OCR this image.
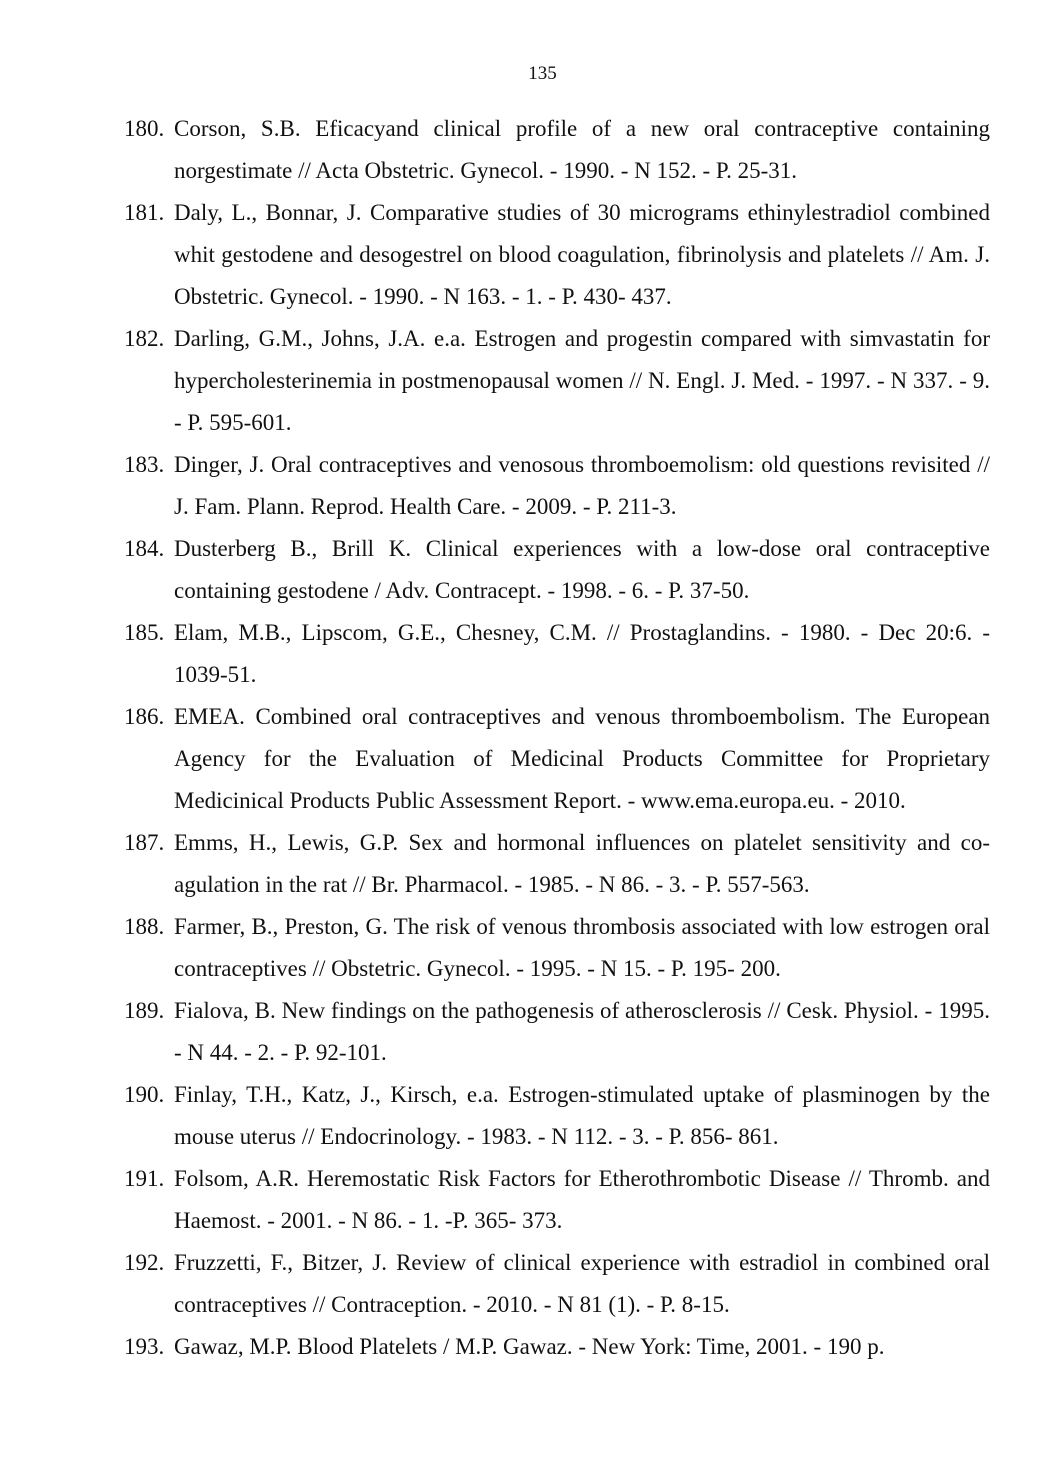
135
180. Corson, S.B. Eficacyand clinical profile of a new oral contraceptive containing norgestimate // Acta Obstetric. Gynecol. - 1990. - N 152. - P. 25-31.
181. Daly, L., Bonnar, J. Comparative studies of 30 micrograms ethinylestradiol combined whit gestodene and desogestrel on blood coagulation, fibrinolysis and platelets // Am. J. Obstetric. Gynecol. - 1990. - N 163. - 1. - P. 430- 437.
182. Darling, G.M., Johns, J.A. e.a. Estrogen and progestin compared with simvastatin for hypercholesterinemia in postmenopausal women // N. Engl. J. Med. - 1997. - N 337. - 9. - P. 595-601.
183. Dinger, J. Oral contraceptives and venosous thromboemolism: old questions revisited // J. Fam. Plann. Reprod. Health Care. - 2009. - P. 211-3.
184. Dusterberg B., Brill K. Clinical experiences with a low-dose oral contraceptive containing gestodene / Adv. Contracept. - 1998. - 6. - P. 37-50.
185. Elam, M.B., Lipscom, G.E., Chesney, C.M. // Prostaglandins. - 1980. - Dec 20:6. - 1039-51.
186. EMEA. Combined oral contraceptives and venous thromboembolism. The European Agency for the Evaluation of Medicinal Products Committee for Proprietary Medicinical Products Public Assessment Report. - www.ema.europa.eu. - 2010.
187. Emms, H., Lewis, G.P. Sex and hormonal influences on platelet sensitivity and coagulation in the rat // Br. Pharmacol. - 1985. - N 86. - 3. - P. 557-563.
188. Farmer, B., Preston, G. The risk of venous thrombosis associated with low estrogen oral contraceptives // Obstetric. Gynecol. - 1995. - N 15. - P. 195- 200.
189. Fialova, B. New findings on the pathogenesis of atherosclerosis // Cesk. Physiol. - 1995. - N 44. - 2. - P. 92-101.
190. Finlay, T.H., Katz, J., Kirsch, e.a. Estrogen-stimulated uptake of plasminogen by the mouse uterus // Endocrinology. - 1983. - N 112. - 3. - P. 856- 861.
191. Folsom, A.R. Heremostatic Risk Factors for Etherothrombotic Disease // Thromb. and Haemost. - 2001. - N 86. - 1. -P. 365- 373.
192. Fruzzetti, F., Bitzer, J. Review of clinical experience with estradiol in combined oral contraceptives // Contraception. - 2010. - N 81 (1). - P. 8-15.
193. Gawaz, M.P. Blood Platelets / M.P. Gawaz. - New York: Time, 2001. - 190 p.
